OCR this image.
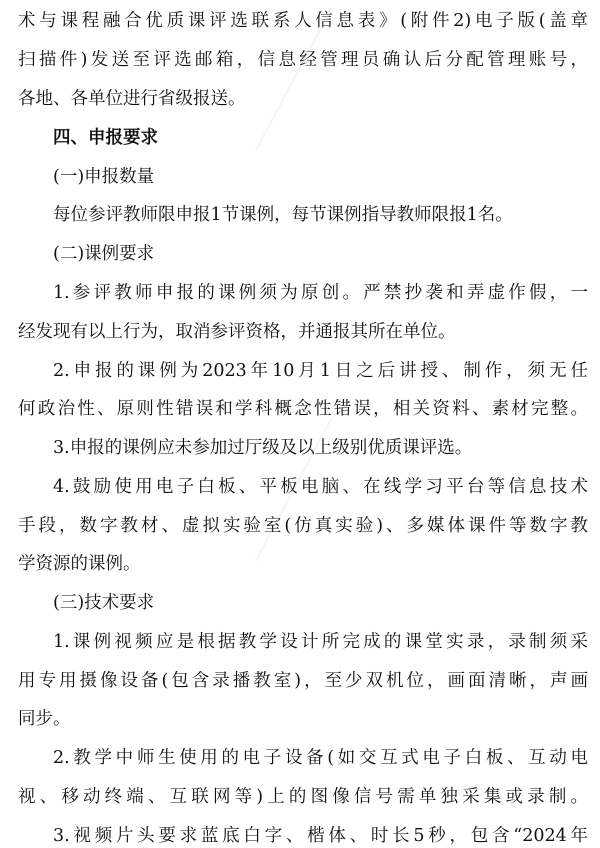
术与课程融合优质课评选联系人信息表》(附件2)电子版(盖章
扫描件)发送至评选邮箱，信息经管理员确认后分配管理账号，
各地、各单位进行省级报送。
四、申报要求
(一)申报数量
每位参评教师限申报1节课例，每节课例指导教师限报1名。
(二)课例要求
1.参评教师申报的课例须为原创。严禁抄袭和弄虚作假，一
经发现有以上行为，取消参评资格，并通报其所在单位。
2.申报的课例为2023年10月1日之后讲授、制作，须无任
何政治性、原则性错误和学科概念性错误，相关资料、素材完整。
3.申报的课例应未参加过厅级及以上级别优质课评选。
4.鼓励使用电子白板、平板电脑、在线学习平台等信息技术
手段，数字教材、虚拟实验室(仿真实验)、多媒体课件等数字教
学资源的课例。
(三)技术要求
1.课例视频应是根据教学设计所完成的课堂实录，录制须采
用专用摄像设备(包含录播教室)，至少双机位，画面清晰，声画
同步。
2.教学中师生使用的电子设备(如交互式电子白板、互动电
视、移动终端、互联网等)上的图像信号需单独采集或录制。
3.视频片头要求蓝底白字、楷体、时长5秒，包含“2024年
